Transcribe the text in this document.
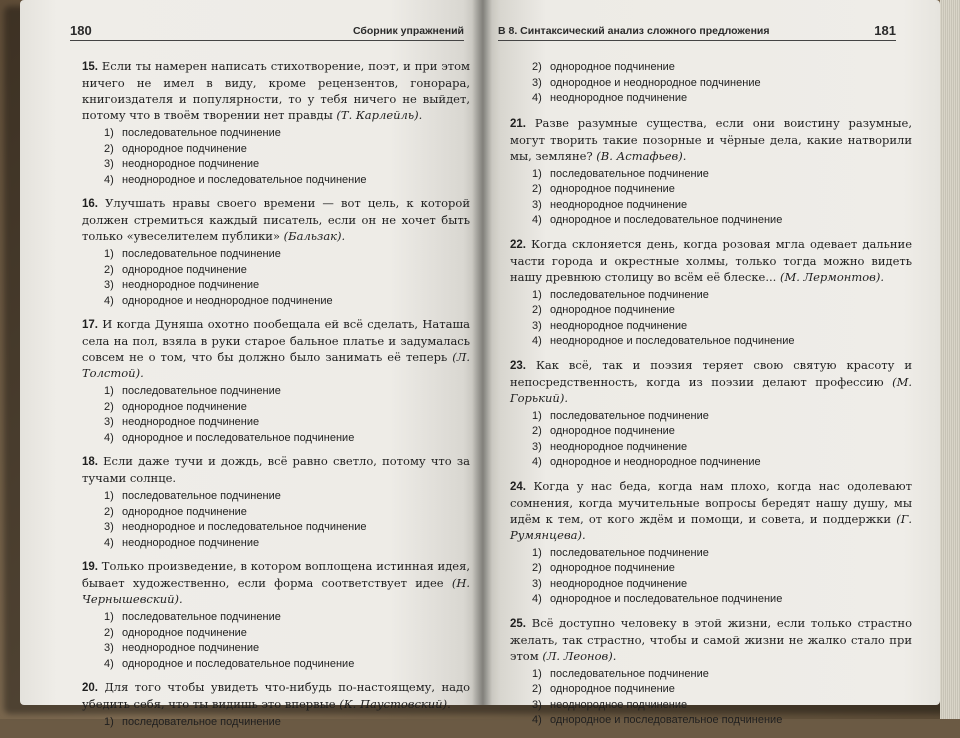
180	Сборник упражнений

15. Если ты намерен написать стихотворение, поэт, и при этом ничего не имел в виду, кроме рецензентов, гонорара, книгоиздателя и популярности, то у тебя ничего не выйдет, потому что в твоём творении нет правды (Т. Карлейль).

1) последовательное подчинение
2) однородное подчинение
3) неоднородное подчинение
4) неоднородное и последовательное подчинение

16. Улучшать нравы своего времени — вот цель, к которой должен стремиться каждый писатель, если он не хочет быть только «увеселителем публики» (Бальзак).

1) последовательное подчинение
2) однородное подчинение
3) неоднородное подчинение
4) однородное и неоднородное подчинение

17. И когда Дуняша охотно пообещала ей всё сделать, Наташа села на пол, взяла в руки старое бальное платье и задумалась совсем не о том, что бы должно было занимать её теперь (Л. Толстой).

1) последовательное подчинение
2) однородное подчинение
3) неоднородное подчинение
4) однородное и последовательное подчинение

18. Если даже тучи и дождь, всё равно светло, потому что за тучами солнце.

1) последовательное подчинение
2) однородное подчинение
3) неоднородное и последовательное подчинение
4) неоднородное подчинение

19. Только произведение, в котором воплощена истинная идея, бывает художественно, если форма соответствует идее (Н. Чернышевский).

1) последовательное подчинение
2) однородное подчинение
3) неоднородное подчинение
4) однородное и последовательное подчинение

20. Для того чтобы увидеть что-нибудь по-настоящему, надо убедить себя, что ты видишь это впервые (К. Паустовский).

1) последовательное подчинение
В 8. Синтаксический анализ сложного предложения	181
2) однородное подчинение
3) однородное и неоднородное подчинение
4) неоднородное подчинение

21. Разве разумные существа, если они воистину разумные, могут творить такие позорные и чёрные дела, какие натворили мы, земляне? (В. Астафьев).

1) последовательное подчинение
2) однородное подчинение
3) неоднородное подчинение
4) однородное и последовательное подчинение

22. Когда склоняется день, когда розовая мгла одевает дальние части города и окрестные холмы, только тогда можно видеть нашу древнюю столицу во всём её блеске... (М. Лермонтов).

1) последовательное подчинение
2) однородное подчинение
3) неоднородное подчинение
4) неоднородное и последовательное подчинение

23. Как всё, так и поэзия теряет свою святую красоту и непосредственность, когда из поэзии делают профессию (М. Горький).

1) последовательное подчинение
2) однородное подчинение
3) неоднородное подчинение
4) однородное и неоднородное подчинение

24. Когда у нас беда, когда нам плохо, когда нас одолевают сомнения, когда мучительные вопросы бередят нашу душу, мы идём к тем, от кого ждём и помощи, и совета, и поддержки (Г. Румянцева).

1) последовательное подчинение
2) однородное подчинение
3) неоднородное подчинение
4) однородное и последовательное подчинение

25. Всё доступно человеку в этой жизни, если только страстно желать, так страстно, чтобы и самой жизни не жалко стало при этом (Л. Леонов).

1) последовательное подчинение
2) однородное подчинение
3) неоднородное подчинение
4) однородное и последовательное подчинение
